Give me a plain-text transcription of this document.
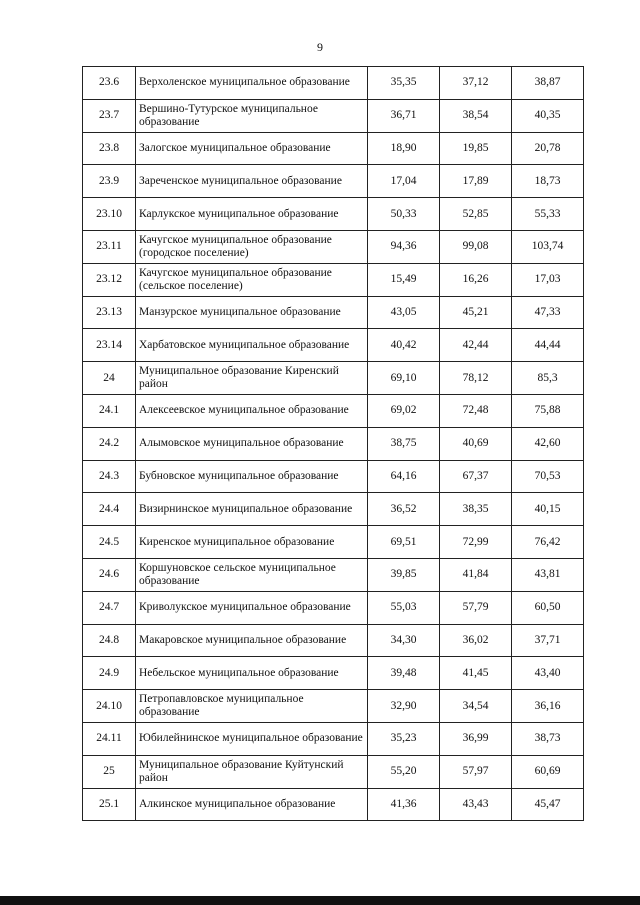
9
23.6	Верхоленское муниципальное образование	35,35	37,12	38,87
23.7	Вершино-Тутурское муниципальное образование	36,71	38,54	40,35
23.8	Залогское муниципальное образование	18,90	19,85	20,78
23.9	Зареченское муниципальное образование	17,04	17,89	18,73
23.10	Карлукское муниципальное образование	50,33	52,85	55,33
23.11	Качугское муниципальное образование (городское поселение)	94,36	99,08	103,74
23.12	Качугское муниципальное образование (сельское поселение)	15,49	16,26	17,03
23.13	Манзурское муниципальное образование	43,05	45,21	47,33
23.14	Харбатовское муниципальное образование	40,42	42,44	44,44
24	Муниципальное образование Киренский район	69,10	78,12	85,3
24.1	Алексеевское муниципальное образование	69,02	72,48	75,88
24.2	Алымовское муниципальное образование	38,75	40,69	42,60
24.3	Бубновское муниципальное образование	64,16	67,37	70,53
24.4	Визирнинское муниципальное образование	36,52	38,35	40,15
24.5	Киренское муниципальное образование	69,51	72,99	76,42
24.6	Коршуновское сельское муниципальное образование	39,85	41,84	43,81
24.7	Криволукское муниципальное образование	55,03	57,79	60,50
24.8	Макаровское муниципальное образование	34,30	36,02	37,71
24.9	Небельское муниципальное образование	39,48	41,45	43,40
24.10	Петропавловское муниципальное образование	32,90	34,54	36,16
24.11	Юбилейнинское муниципальное образование	35,23	36,99	38,73
25	Муниципальное образование Куйтунский район	55,20	57,97	60,69
25.1	Алкинское муниципальное образование	41,36	43,43	45,47
